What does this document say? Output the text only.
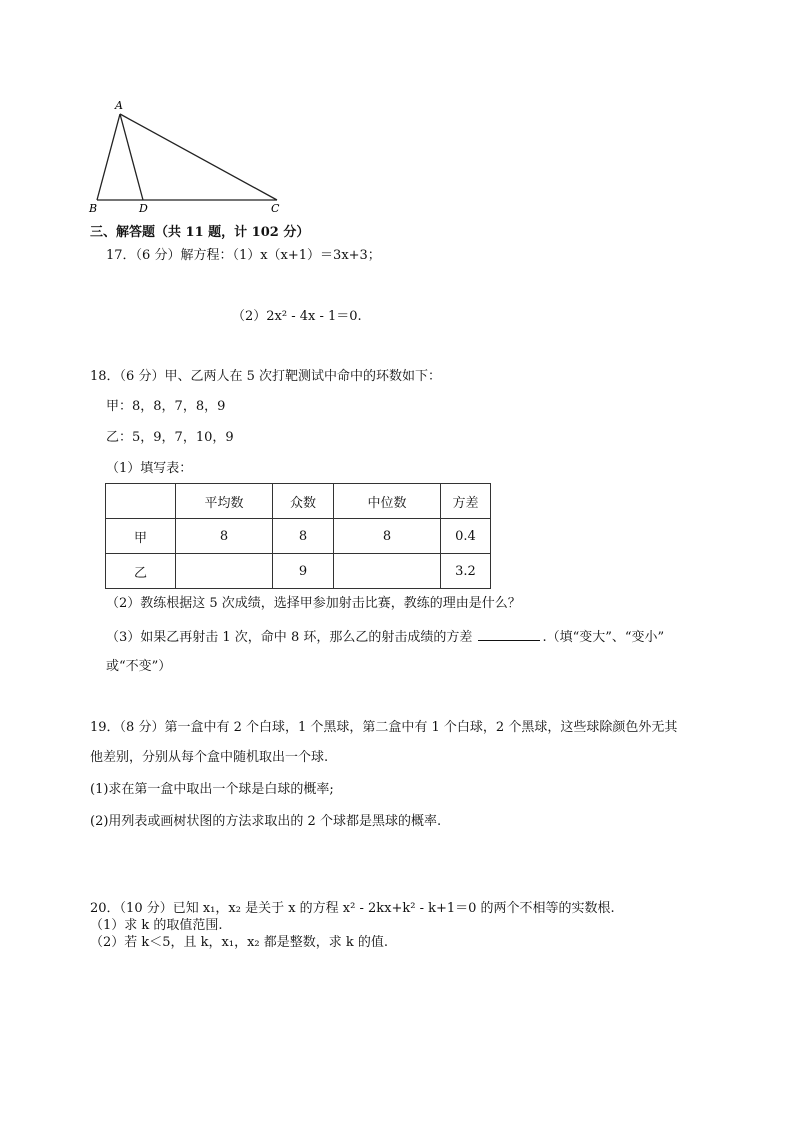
A
B	D	C
三、解答题（共 11 题，计 102 分）
17．（6 分）解方程：（1）x（x+1）＝3x+3；
（2）2x² - 4x - 1＝0.
18．（6 分）甲、乙两人在 5 次打靶测试中命中的环数如下：
甲：8，8，7，8，9
乙：5，9，7，10，9
（1）填写表：
	平均数	众数	中位数	方差
甲	8	8	8	0.4
乙		9		3.2
（2）教练根据这 5 次成绩，选择甲参加射击比赛，教练的理由是什么？
（3）如果乙再射击 1 次，命中 8 环，那么乙的射击成绩的方差	.（填“变大”、“变小”
或“不变”）
19．（8 分）第一盒中有 2 个白球，1 个黑球，第二盒中有 1 个白球，2 个黑球，这些球除颜色外无其
他差别，分别从每个盒中随机取出一个球.
(1)求在第一盒中取出一个球是白球的概率;
(2)用列表或画树状图的方法求取出的 2 个球都是黑球的概率.
20．（10 分）已知 x₁，x₂ 是关于 x 的方程 x² - 2kx+k² - k+1＝0 的两个不相等的实数根.
（1）求 k 的取值范围.
（2）若 k＜5，且 k，x₁，x₂ 都是整数，求 k 的值.
